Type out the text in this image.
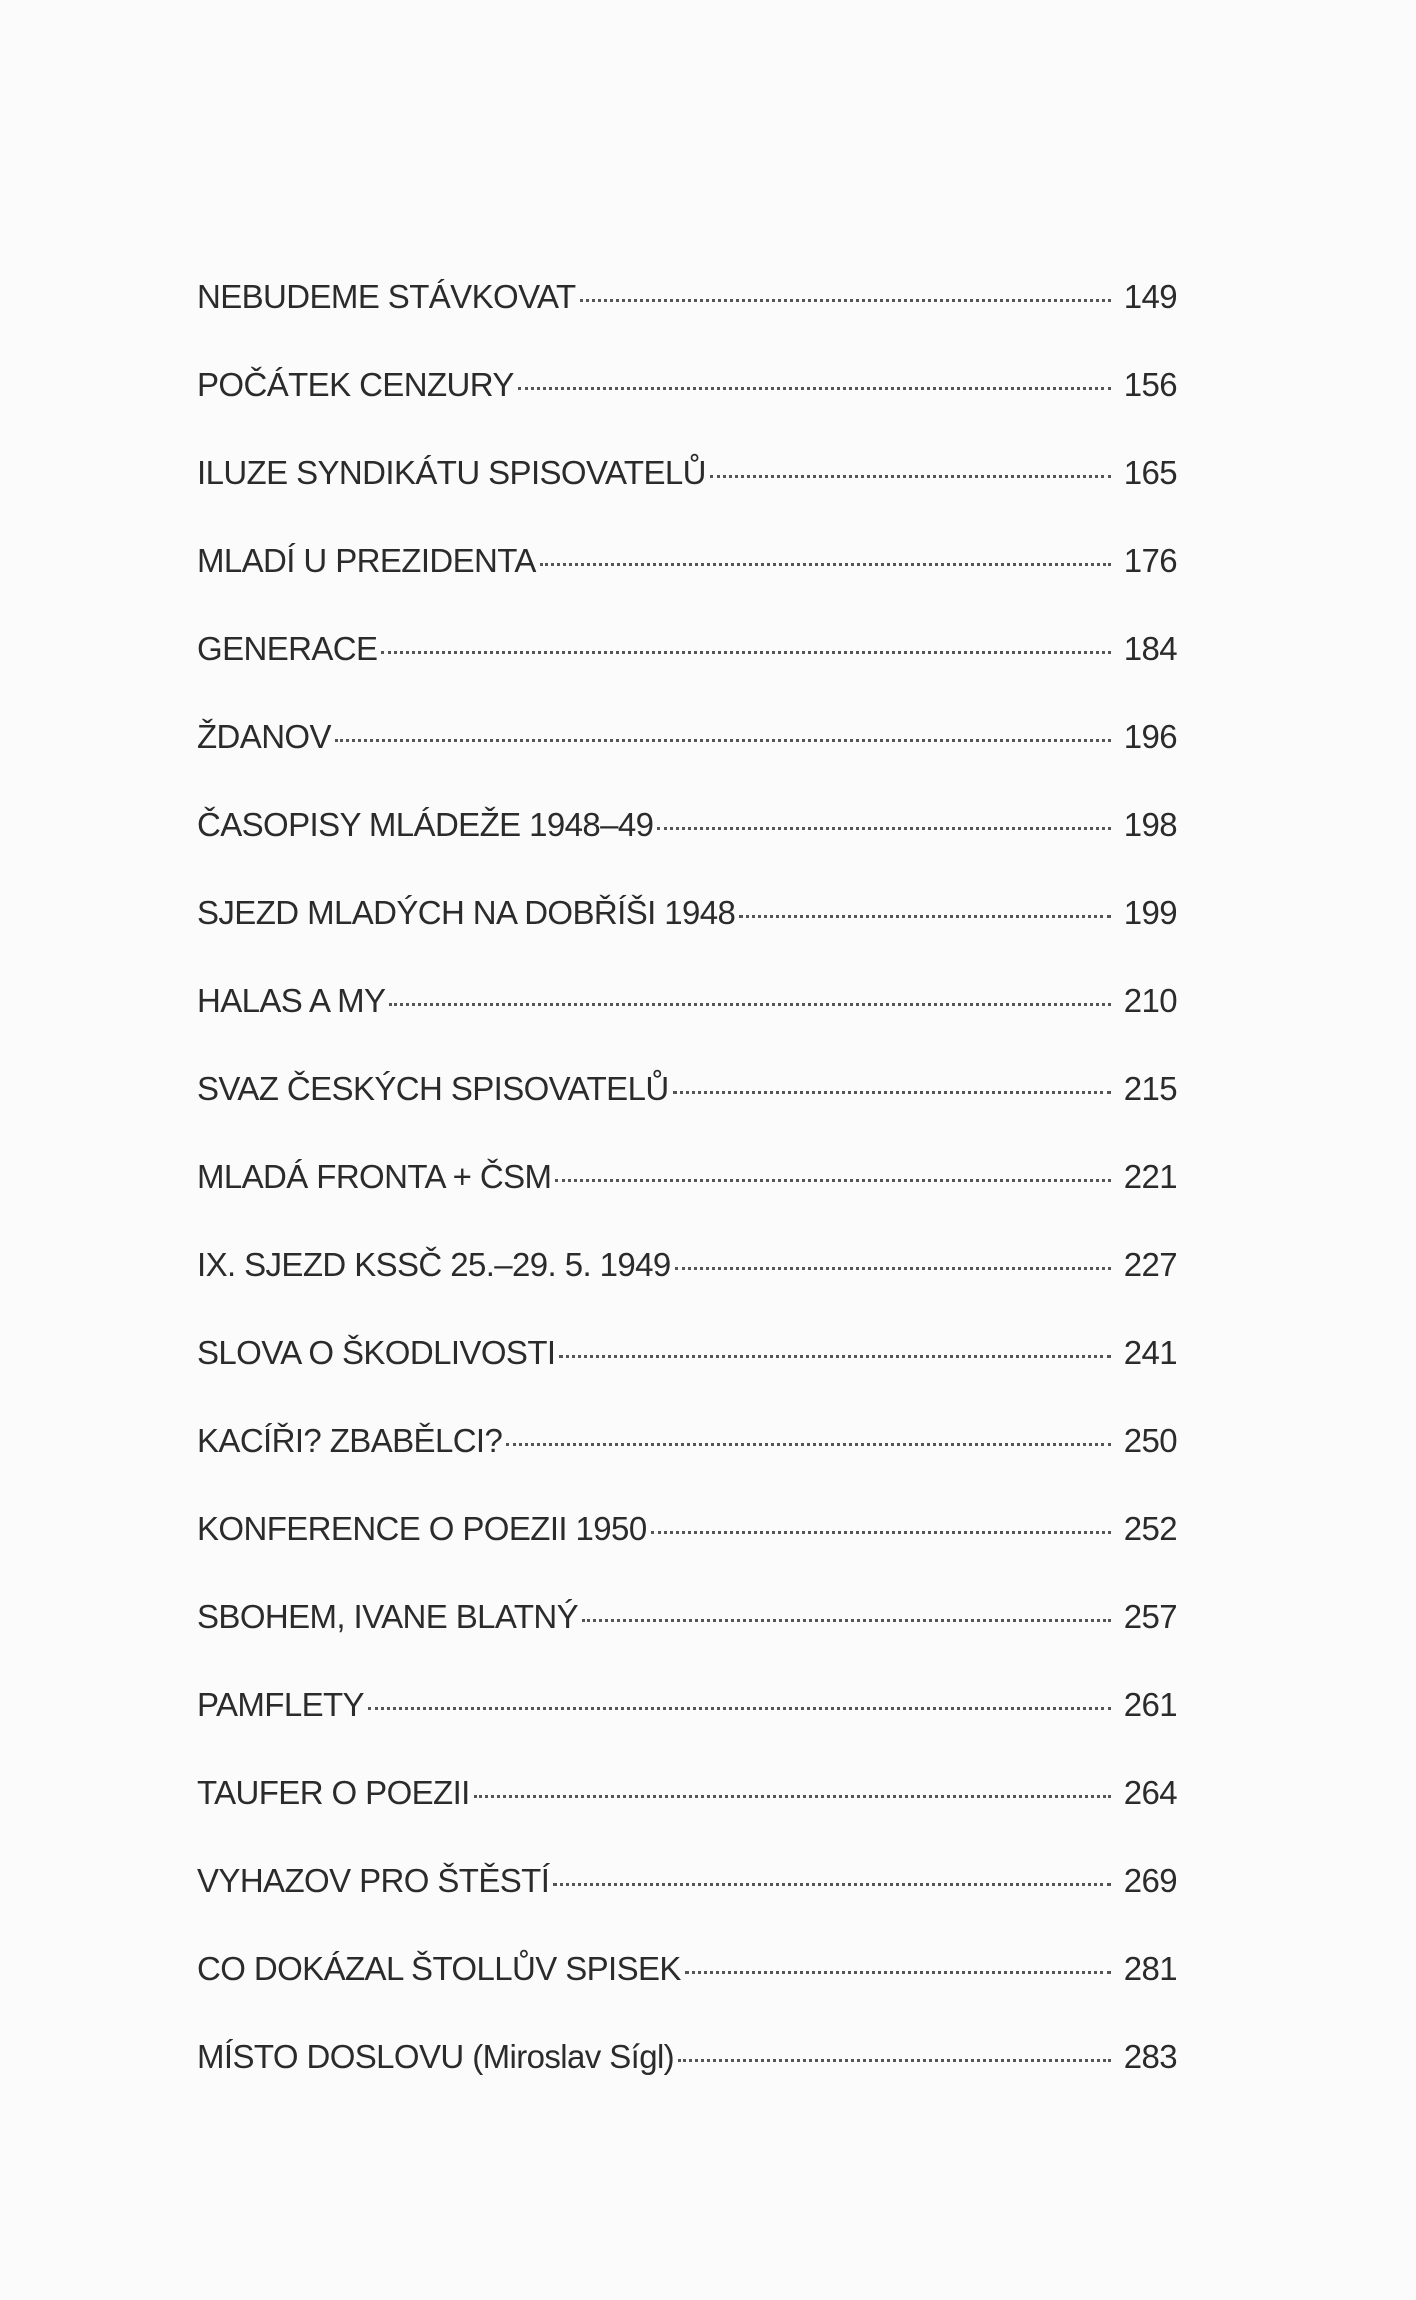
NEBUDEME STÁVKOVAT	149
POČÁTEK CENZURY	156
ILUZE SYNDIKÁTU SPISOVATELŮ	165
MLADÍ U PREZIDENTA	176
GENERACE	184
ŽDANOV	196
ČASOPISY MLÁDEŽE 1948–49	198
SJEZD MLADÝCH NA DOBŘÍŠI 1948	199
HALAS A MY	210
SVAZ ČESKÝCH SPISOVATELŮ	215
MLADÁ FRONTA + ČSM	221
IX. SJEZD KSSČ 25.–29. 5. 1949	227
SLOVA O ŠKODLIVOSTI	241
KACÍŘI? ZBABĚLCI?	250
KONFERENCE O POEZII 1950	252
SBOHEM, IVANE BLATNÝ	257
PAMFLETY	261
TAUFER O POEZII	264
VYHAZOV PRO ŠTĚSTÍ	269
CO DOKÁZAL ŠTOLLŮV SPISEK	281
MÍSTO DOSLOVU (Miroslav Sígl)	283
